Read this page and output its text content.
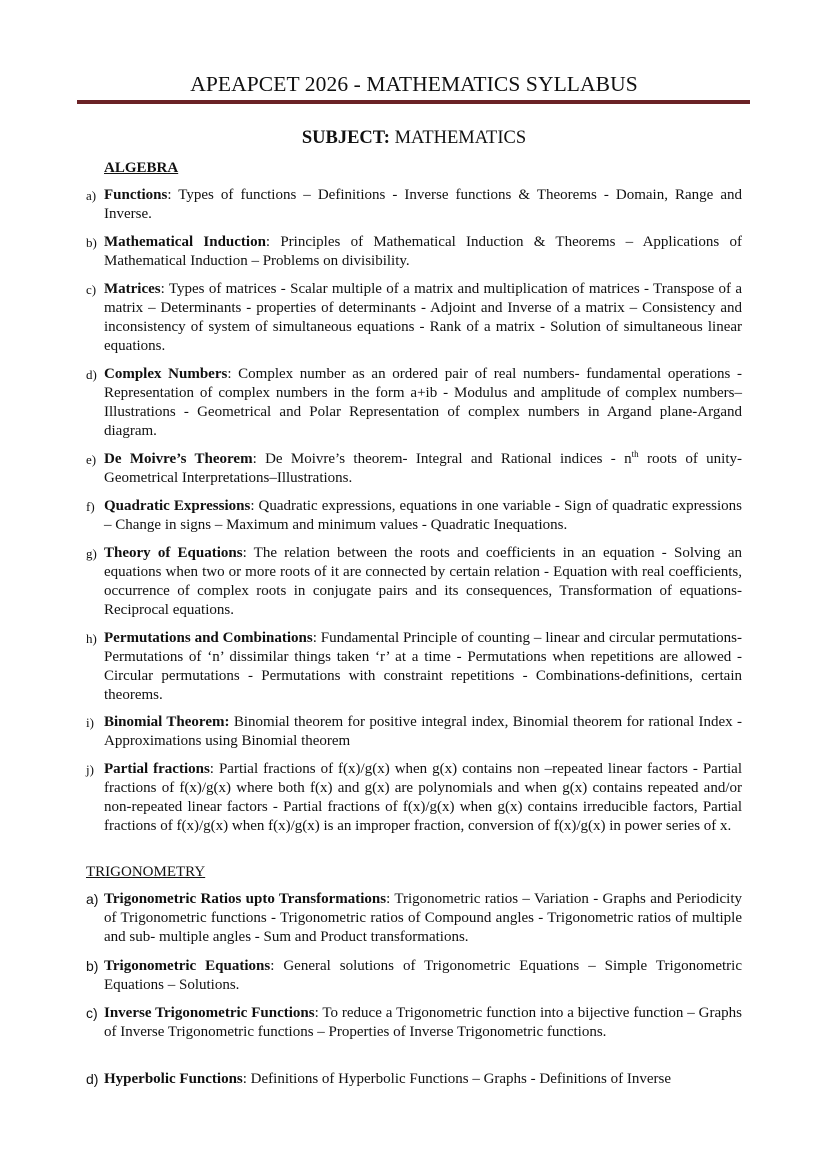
APEAPCET 2026 - MATHEMATICS SYLLABUS
SUBJECT: MATHEMATICS
ALGEBRA
a) Functions: Types of functions – Definitions - Inverse functions & Theorems - Domain, Range and Inverse.
b) Mathematical Induction: Principles of Mathematical Induction & Theorems – Applications of Mathematical Induction – Problems on divisibility.
c) Matrices: Types of matrices - Scalar multiple of a matrix and multiplication of matrices - Transpose of a matrix – Determinants - properties of determinants - Adjoint and Inverse of a matrix – Consistency and inconsistency of system of simultaneous equations - Rank of a matrix - Solution of simultaneous linear equations.
d) Complex Numbers: Complex number as an ordered pair of real numbers- fundamental operations - Representation of complex numbers in the form a+ib - Modulus and amplitude of complex numbers–Illustrations - Geometrical and Polar Representation of complex numbers in Argand plane-Argand diagram.
e) De Moivre’s Theorem: De Moivre’s theorem- Integral and Rational indices - $n^{th}$ roots of unity- Geometrical Interpretations–Illustrations.
f) Quadratic Expressions: Quadratic expressions, equations in one variable - Sign of quadratic expressions – Change in signs – Maximum and minimum values - Quadratic Inequations.
g) Theory of Equations: The relation between the roots and coefficients in an equation - Solving an equations when two or more roots of it are connected by certain relation - Equation with real coefficients, occurrence of complex roots in conjugate pairs and its consequences, Transformation of equations- Reciprocal equations.
h) Permutations and Combinations: Fundamental Principle of counting – linear and circular permutations- Permutations of ‘n’ dissimilar things taken ‘r’ at a time - Permutations when repetitions are allowed - Circular permutations - Permutations with constraint repetitions - Combinations-definitions, certain theorems.
i) Binomial Theorem: Binomial theorem for positive integral index, Binomial theorem for rational Index - Approximations using Binomial theorem
j) Partial fractions: Partial fractions of f(x)/g(x) when g(x) contains non –repeated linear factors - Partial fractions of f(x)/g(x) where both f(x) and g(x) are polynomials and when g(x) contains repeated and/or non-repeated linear factors - Partial fractions of f(x)/g(x) when g(x) contains irreducible factors, Partial fractions of f(x)/g(x) when f(x)/g(x) is an improper fraction, conversion of f(x)/g(x) in power series of x.
TRIGONOMETRY
a) Trigonometric Ratios upto Transformations: Trigonometric ratios – Variation - Graphs and Periodicity of Trigonometric functions - Trigonometric ratios of Compound angles - Trigonometric ratios of multiple and sub- multiple angles - Sum and Product transformations.
b) Trigonometric Equations: General solutions of Trigonometric Equations – Simple Trigonometric Equations – Solutions.
c) Inverse Trigonometric Functions: To reduce a Trigonometric function into a bijective function – Graphs of Inverse Trigonometric functions – Properties of Inverse Trigonometric functions.
d) Hyperbolic Functions: Definitions of Hyperbolic Functions – Graphs - Definitions of Inverse
